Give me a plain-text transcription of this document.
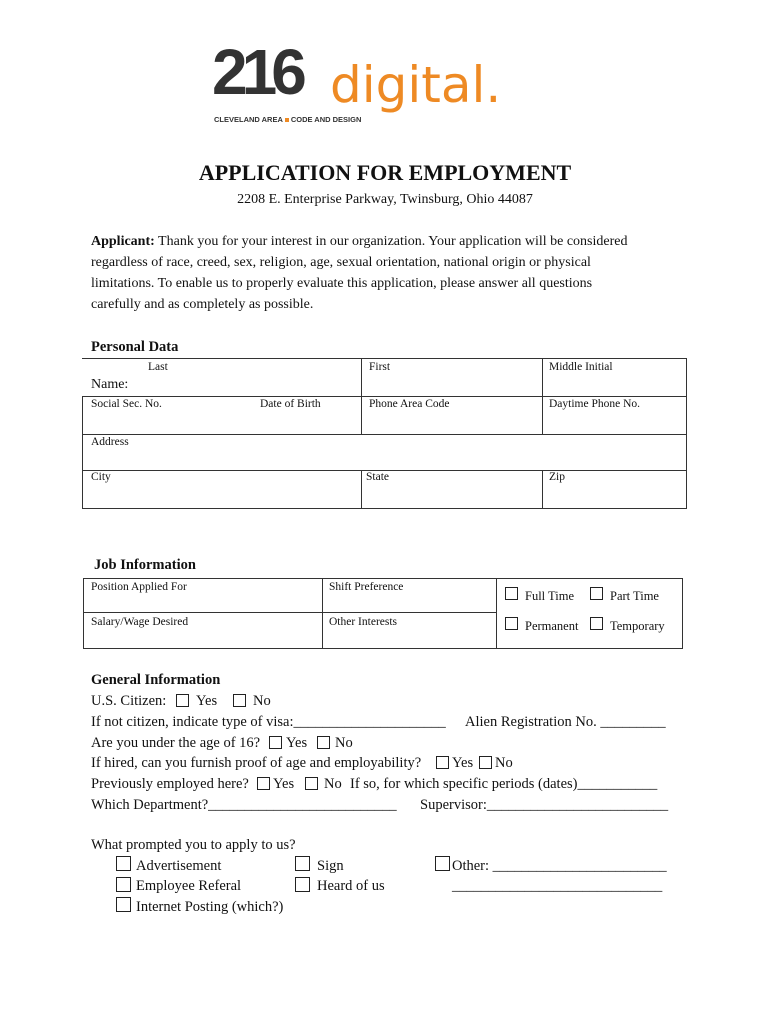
216 digital.
CLEVELAND AREA CODE AND DESIGN
APPLICATION FOR EMPLOYMENT
2208 E. Enterprise Parkway, Twinsburg, Ohio 44087
Applicant: Thank you for your interest in our organization. Your application will be considered
regardless of race, creed, sex, religion, age, sexual orientation, national origin or physical
limitations. To enable us to properly evaluate this application, please answer all questions
carefully and as completely as possible.
Personal Data
Last	First	Middle Initial
Name:
Social Sec. No.	Date of Birth	Phone Area Code	Daytime Phone No.
Address
City	State	Zip
Job Information
Position Applied For	Shift Preference
Salary/Wage Desired	Other Interests
Full Time	Part Time
Permanent	Temporary
General Information
U.S. Citizen: Yes No
If not citizen, indicate type of visa:_____________________ Alien Registration No. _________
Are you under the age of 16? Yes No
If hired, can you furnish proof of age and employability? Yes No
Previously employed here? Yes No If so, for which specific periods (dates)___________
Which Department?__________________________ Supervisor:_________________________
What prompted you to apply to us?
Advertisement	Sign	Other: ________________________
Employee Referal	Heard of us	_____________________________
Internet Posting (which?)
